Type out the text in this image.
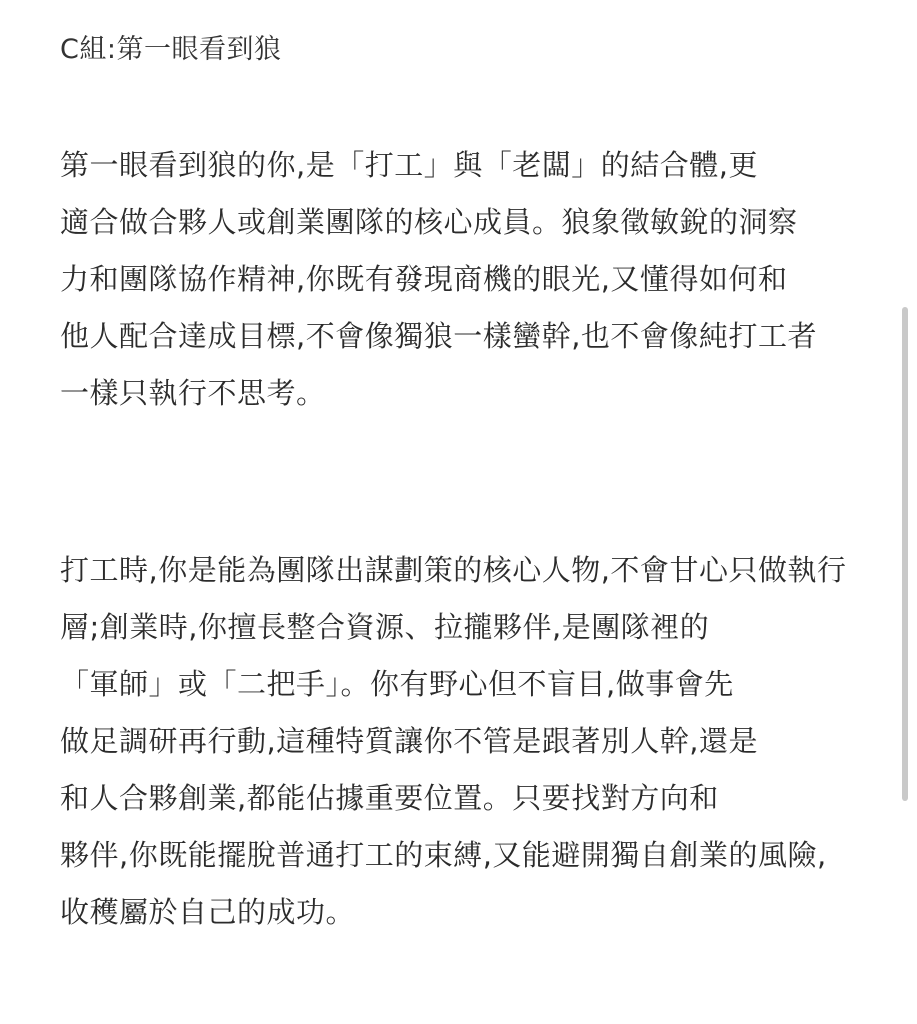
C組:第一眼看到狼

第一眼看到狼的你,是「打工」與「老闆」的結合體,更
適合做合夥人或創業團隊的核心成員。狼象徵敏銳的洞察
力和團隊協作精神,你既有發現商機的眼光,又懂得如何和
他人配合達成目標,不會像獨狼一樣蠻幹,也不會像純打工者
一樣只執行不思考。

打工時,你是能為團隊出謀劃策的核心人物,不會甘心只做執行
層;創業時,你擅長整合資源、拉攏夥伴,是團隊裡的
「軍師」或「二把手」。你有野心但不盲目,做事會先
做足調研再行動,這種特質讓你不管是跟著別人幹,還是
和人合夥創業,都能佔據重要位置。只要找對方向和
夥伴,你既能擺脫普通打工的束縛,又能避開獨自創業的風險,
收穫屬於自己的成功。
